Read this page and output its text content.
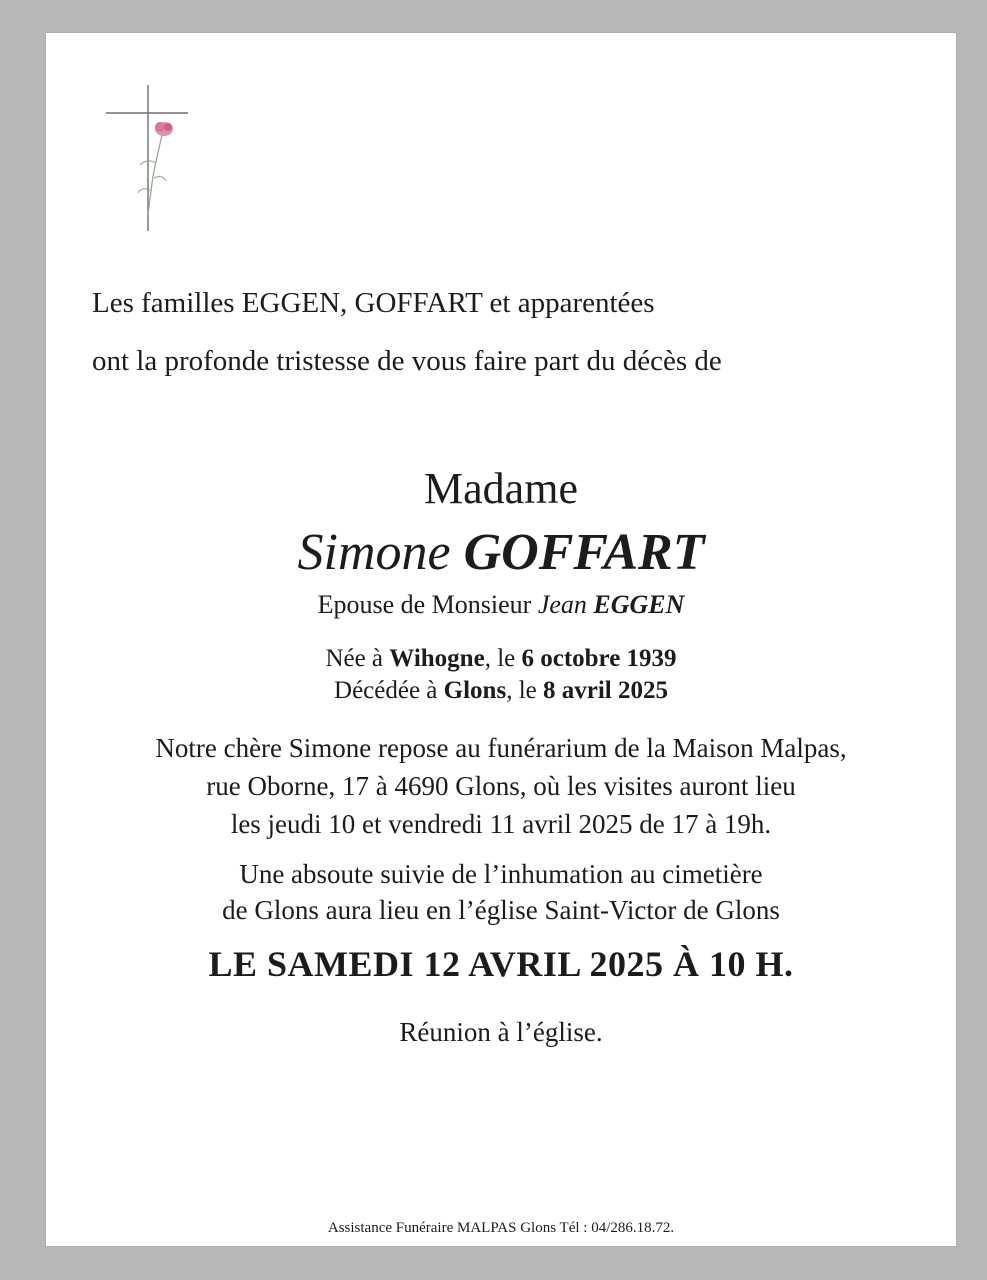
Les familles EGGEN, GOFFART et apparentées
ont la profonde tristesse de vous faire part du décès de
Madame
Simone GOFFART
Epouse de Monsieur Jean EGGEN
Née à Wihogne, le 6 octobre 1939
Décédée à Glons, le 8 avril 2025
Notre chère Simone repose au funérarium de la Maison Malpas,
rue Oborne, 17 à 4690 Glons, où les visites auront lieu
les jeudi 10 et vendredi 11 avril 2025 de 17 à 19h.
Une absoute suivie de l’inhumation au cimetière
de Glons aura lieu en l’église Saint-Victor de Glons
LE SAMEDI 12 AVRIL 2025 À 10 H.
Réunion à l’église.
Assistance Funéraire MALPAS Glons Tél : 04/286.18.72.
